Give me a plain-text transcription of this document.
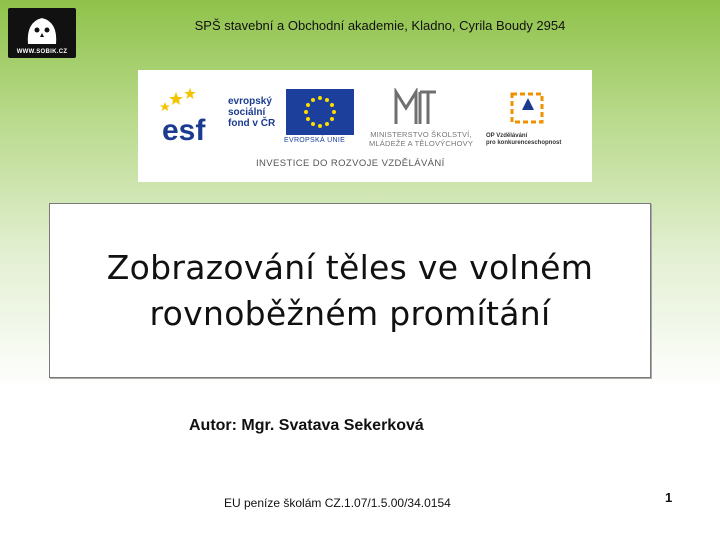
WWW.SOBIK.CZ
SPŠ stavební a Obchodní akademie, Kladno, Cyrila Boudy 2954
esf
evropský
sociální
fond v ČR
EVROPSKÁ UNIE
MINISTERSTVO ŠKOLSTVÍ,
MLÁDEŽE A TĚLOVÝCHOVY
OP Vzdělávání
pro konkurenceschopnost
INVESTICE DO ROZVOJE VZDĚLÁVÁNÍ
Zobrazování těles ve volném
rovnoběžném promítání
Autor: Mgr. Svatava Sekerková
EU peníze školám CZ.1.07/1.5.00/34.0154	1
